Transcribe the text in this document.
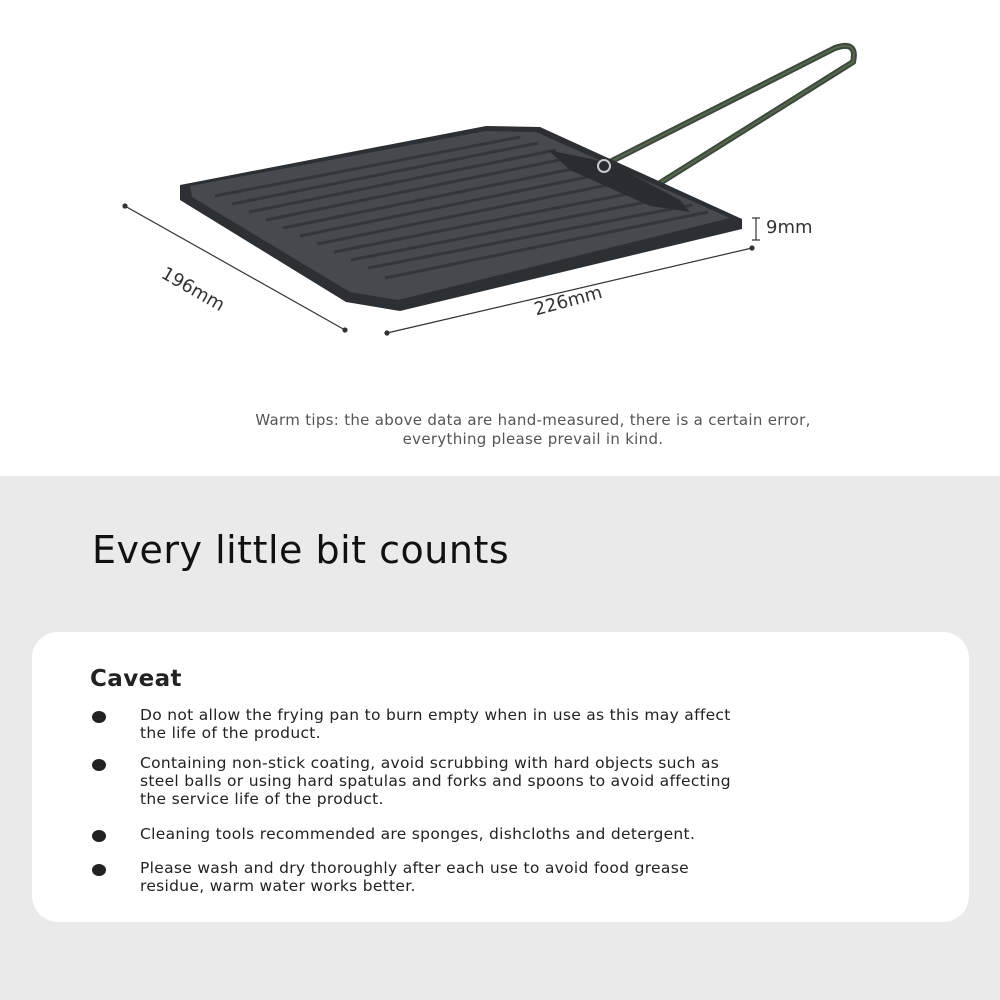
196mm	226mm
9mm
Warm tips: the above data are hand-measured, there is a certain error,
everything please prevail in kind.
Every little bit counts
Caveat
Do not allow the frying pan to burn empty when in use as this may affect
the life of the product.
Containing non-stick coating, avoid scrubbing with hard objects such as
steel balls or using hard spatulas and forks and spoons to avoid affecting
the service life of the product.
Cleaning tools recommended are sponges, dishcloths and detergent.
Please wash and dry thoroughly after each use to avoid food grease
residue, warm water works better.
